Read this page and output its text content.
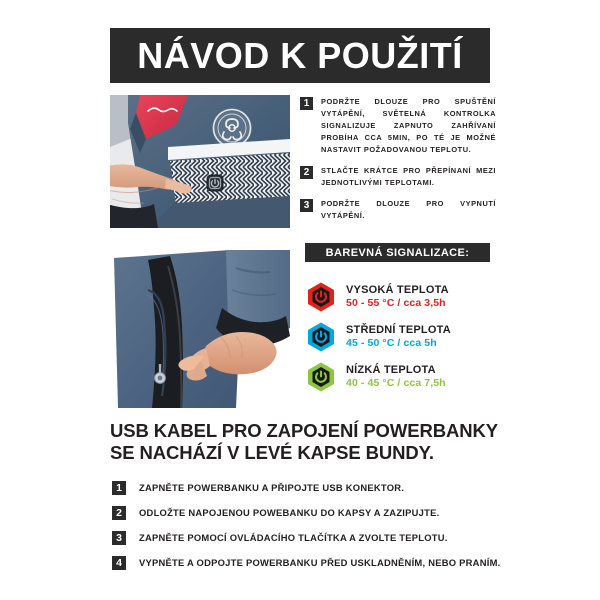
NÁVOD K POUŽITÍ
1	PODRŽTE DLOUZE PRO SPUŠTĚNÍ VYTÁPĚNÍ, SVĚTELNÁ KONTROLKA SIGNALIZUJE ZAPNUTO ZAHŘÍVANÍ PROBÍHA CCA 5MIN, PO TÉ JE MOŽNÉ NASTAVIT POŽADOVANOU TEPLOTU.
2	STLAČTE KRÁTCE PRO PŘEPÍNANÍ MEZI JEDNOTLIVÝMI TEPLOTAMI.
3	PODRŽTE DLOUZE PRO VYPNUTÍ VYTÁPĚNÍ.
BAREVNÁ SIGNALIZACE:
VYSOKÁ TEPLOTA
50 - 55 °C / cca 3,5h
STŘEDNÍ TEPLOTA
45 - 50 °C / cca 5h
NÍZKÁ TEPLOTA
40 - 45 °C / cca 7,5h
USB KABEL PRO ZAPOJENÍ POWERBANKY
SE NACHÁZÍ V LEVÉ KAPSE BUNDY.
1	ZAPNĚTE POWERBANKU A PŘIPOJTE USB KONEKTOR.
2	ODLOŽTE NAPOJENOU POWEBANKU DO KAPSY A ZAZIPUJTE.
3	ZAPNĚTE POMOCÍ OVLÁDACÍHO TLAČÍTKA A ZVOLTE TEPLOTU.
4	VYPNĚTE A ODPOJTE POWERBANKU PŘED USKLADNĚNÍM, NEBO PRANÍM.
